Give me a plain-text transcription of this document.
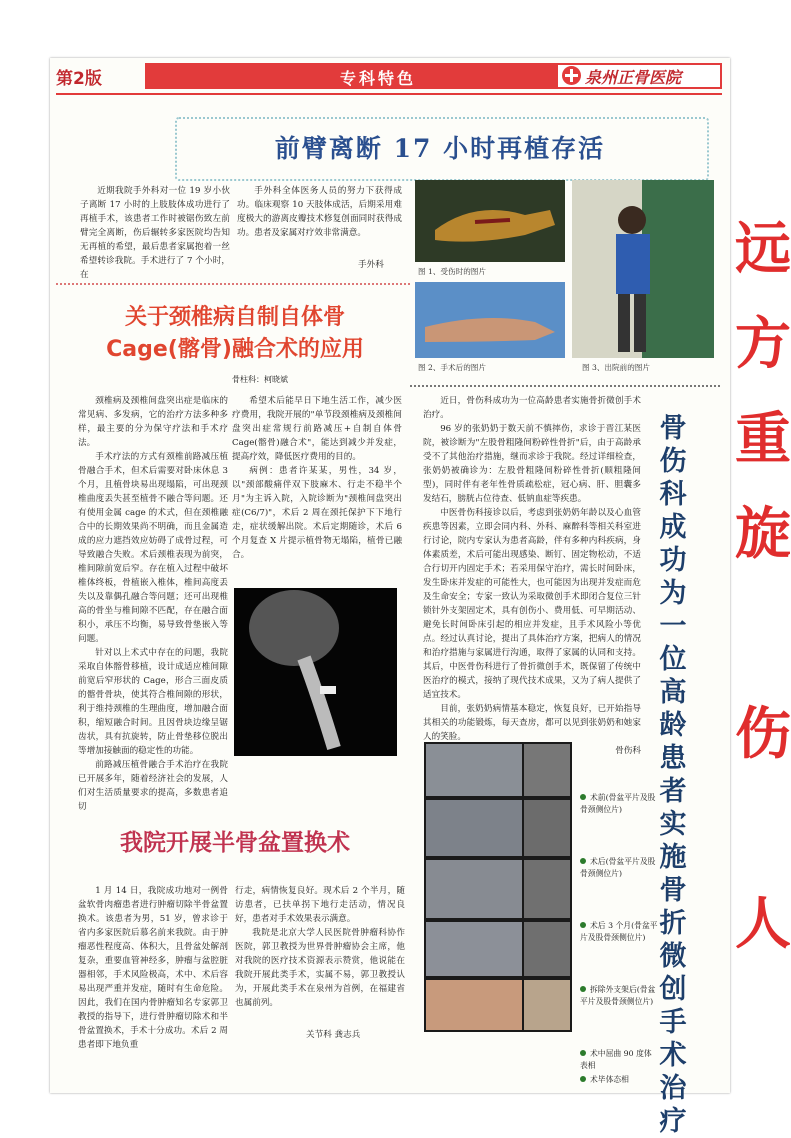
第2版	专科特色	泉州正骨医院
前臂离断 17 小时再植存活

近期我院手外科对一位 19 岁小伙子离断 17 小时的上肢肢体成功进行了再植手术，该患者工作时被锯伤致左前臂完全离断，伤后辗转多家医院均告知无再植的希望，最后患者家属抱着一丝希望转诊我院。手术进行了 7 个小时，在

手外科全体医务人员的努力下获得成功。临床观察 10 天肢体成活，后期采用难度极大的游离皮瓣技术修复创面同时获得成功。患者及家属对疗效非常满意。

手外科
图 1、受伤时的图片
图 2、手术后的图片	图 3、出院前的图片
关于颈椎病自制自体骨
Cage(髂骨)融合术的应用
骨柱科：柯晓斌

颈椎病及颈椎间盘突出症是临床的常见病、多发病，它的治疗方法多种多样，最主要的分为保守疗法和手术疗法。

手术疗法的方式有颈椎前路减压植骨融合手术，但术后需要对卧床休息 3 个月，且植骨块易出现塌陷，可出现颈椎曲度丢失甚至植骨不融合等问题。还有使用金属 cage 的术式，但在颈椎融合中的长期效果尚不明确，而且金属造成的应力遮挡效应妨碍了成骨过程，可导致融合失败。术后颈椎表现为前突，椎间隙前宽后窄。存在植入过程中破坏椎体终板，骨植嵌入椎体，椎间高度丢失以及靠偶孔融合等问题；还可出现椎高的骨坐与椎间隙不匹配，存在融合面积小，承压不均衡，易导致骨垫嵌入等问题。

针对以上术式中存在的问题，我院采取自体髂骨移植，设计成适应椎间隙前宽后窄形状的 Cage，形合三面皮质的髂骨骨块，使其符合椎间隙的形状，利于维持颈椎的生理曲度，增加融合面积，缩短融合时间。且因骨块边缘呈锯齿状，具有抗旋转，防止骨垫移位脱出等增加接触面的稳定性的功能。

前路减压植骨融合手术治疗在我院已开展多年，随着经济社会的发展，人们对生活质量要求的提高，多数患者追切

希望术后能早日下地生活工作，减少医疗费用，我院开展的"单节段颈椎病及颈椎间盘突出症常规行前路减压+自制自体骨 Cage(髂骨)融合术"，能达到减少并发症，提高疗效，降低医疗费用的目的。

病例：患者许某某，男性，34 岁，以"颈部酸痛伴双下肢麻木、行走不稳半个月"为主诉入院，入院诊断为"颈椎间盘突出症(C6/7)"，术后 2 周在颈托保护下下地行走，症状缓解出院。术后定期随诊，术后 6 个月复查 X 片提示植骨物无塌陷，植骨已融合。

近日，骨伤科成功为一位高龄患者实施骨折微创手术治疗。

96 岁的张奶奶于数天前不慎摔伤，求诊于晋江某医院，被诊断为"左股骨粗隆间粉碎性骨折"后，由于高龄承受不了其他治疗措施，继而求诊于我院。经过详细检查，张奶奶被确诊为：左股骨粗隆间粉碎性骨折(顺粗隆间型)，同时伴有老年性骨质疏松症，冠心病、肝、胆囊多发结石，膀胱占位待查、低钠血症等疾患。

中医骨伤科接诊以后，考虑到张奶奶年龄以及心血管疾患等因素，立即会同内科、外科、麻醉科等相关科室进行讨论，院内专家认为患者高龄，伴有多种内科疾病，身体素质差，术后可能出现感染、断钉、固定物松动，不适合行切开内固定手术；若采用保守治疗，需长时间卧床，发生卧床并发症的可能性大，也可能因为出现并发症而危及生命安全；专家一致认为采取微创手术即闭合复位三针锁针外支架固定术，具有创伤小、费用低、可早期活动、避免长时间卧床引起的相应并发症，且手术风险小等优点。经过认真讨论，提出了具体治疗方案，把病人的情况和治疗措施与家属进行沟通，取得了家属的认同和支持。其后，中医骨伤科进行了骨折微创手术，既保留了传统中医治疗的模式，接纳了现代技术成果，又为了病人提供了适宜技术。

目前，张奶奶病情基本稳定，恢复良好，已开始指导其相关的功能锻炼，每天查房，都可以见到张奶奶和她家人的笑脸。

骨伤科
骨伤科成功为一位高龄患者实施骨折微创手术治疗
术前(骨盆平片及股骨颈侧位片)
术后(骨盆平片及股骨颈侧位片)
术后 3 个月(骨盆平片及股骨颈侧位片)
拆除外支架后(骨盆平片及股骨颈侧位片)
术中屈曲 90 度体表相
术毕体态相
我院开展半骨盆置换术

1 月 14 日，我院成功地对一例骨盆软骨肉瘤患者进行肿瘤切除半骨盆置换术。该患者为男，51 岁，曾求诊于省内多家医院后慕名前来我院。由于肿瘤恶性程度高、体积大，且骨盆处解剖复杂，重要血管神经多，肿瘤与盆腔脏器相邻，手术风险极高，术中、术后容易出现严重并发症，随时有生命危险。因此，我们在国内骨肿瘤知名专家郭卫教授的指导下，进行骨肿瘤切除术和半骨盆置换术，手术十分成功。术后 2 周患者即下地负重

行走，病情恢复良好。现术后 2 个半月，随访患者，已扶单拐下地行走活动，情况良好，患者对手术效果表示满意。

我院是北京大学人民医院骨肿瘤科协作医院，郭卫教授为世界骨肿瘤协会主席，他对我院的医疗技术资源表示赞赏，他说能在我院开展此类手术，实属不易，郭卫教授认为，开展此类手术在泉州为首例，在福建省也属前列。

关节科 龚志兵
远
方
重
旋
伤
人
